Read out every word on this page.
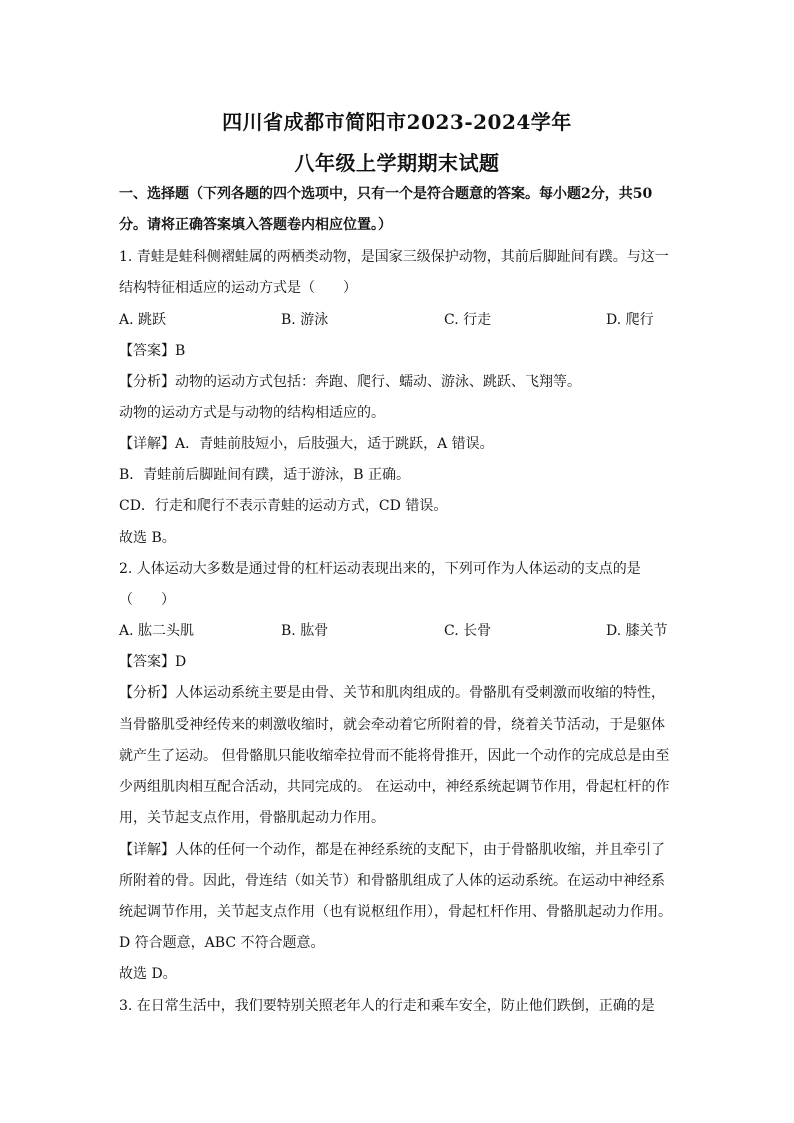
四川省成都市简阳市2023-2024学年
八年级上学期期末试题
一、选择题（下列各题的四个选项中，只有一个是符合题意的答案。每小题2分，共50
分。请将正确答案填入答题卷内相应位置。）
1. 青蛙是蛙科侧褶蛙属的两栖类动物，是国家三级保护动物，其前后脚趾间有蹼。与这一
结构特征相适应的运动方式是（　　）
A. 跳跃	B. 游泳	C. 行走	D. 爬行
【答案】B
【分析】动物的运动方式包括：奔跑、爬行、蠕动、游泳、跳跃、飞翔等。
动物的运动方式是与动物的结构相适应的。
【详解】A．青蛙前肢短小，后肢强大，适于跳跃，A 错误。
B．青蛙前后脚趾间有蹼，适于游泳，B 正确。
CD．行走和爬行不表示青蛙的运动方式，CD 错误。
故选 B。
2. 人体运动大多数是通过骨的杠杆运动表现出来的，下列可作为人体运动的支点的是
（　　）
A. 肱二头肌	B. 肱骨	C. 长骨	D. 膝关节
【答案】D
【分析】人体运动系统主要是由骨、关节和肌肉组成的。骨骼肌有受刺激而收缩的特性，
当骨骼肌受神经传来的刺激收缩时，就会牵动着它所附着的骨，绕着关节活动，于是躯体
就产生了运动。 但骨骼肌只能收缩牵拉骨而不能将骨推开，因此一个动作的完成总是由至
少两组肌肉相互配合活动，共同完成的。 在运动中，神经系统起调节作用，骨起杠杆的作
用，关节起支点作用，骨骼肌起动力作用。
【详解】人体的任何一个动作，都是在神经系统的支配下，由于骨骼肌收缩，并且牵引了
所附着的骨。因此，骨连结（如关节）和骨骼肌组成了人体的运动系统。在运动中神经系
统起调节作用，关节起支点作用（也有说枢纽作用），骨起杠杆作用、骨骼肌起动力作用。
D 符合题意，ABC 不符合题意。
故选 D。
3. 在日常生活中，我们要特别关照老年人的行走和乘车安全，防止他们跌倒，正确的是
